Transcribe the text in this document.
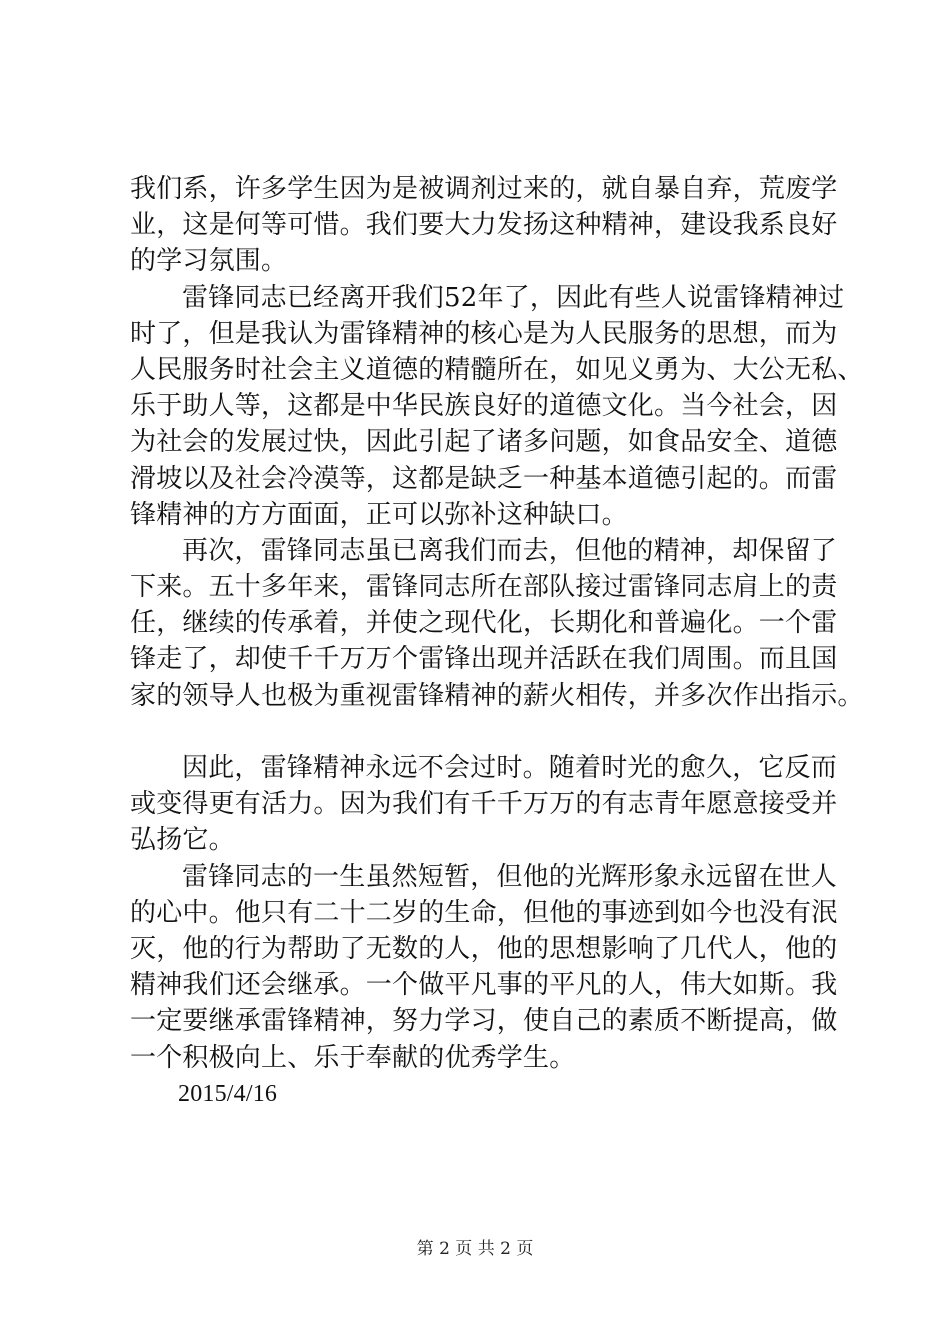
我们系，许多学生因为是被调剂过来的，就自暴自弃，荒废学
业，这是何等可惜。我们要大力发扬这种精神，建设我系良好
的学习氛围。
雷锋同志已经离开我们52年了，因此有些人说雷锋精神过
时了，但是我认为雷锋精神的核心是为人民服务的思想，而为
人民服务时社会主义道德的精髓所在，如见义勇为、大公无私、
乐于助人等，这都是中华民族良好的道德文化。当今社会，因
为社会的发展过快，因此引起了诸多问题，如食品安全、道德
滑坡以及社会冷漠等，这都是缺乏一种基本道德引起的。而雷
锋精神的方方面面，正可以弥补这种缺口。
再次，雷锋同志虽已离我们而去，但他的精神，却保留了
下来。五十多年来，雷锋同志所在部队接过雷锋同志肩上的责
任，继续的传承着，并使之现代化，长期化和普遍化。一个雷
锋走了，却使千千万万个雷锋出现并活跃在我们周围。而且国
家的领导人也极为重视雷锋精神的薪火相传，并多次作出指示。
因此，雷锋精神永远不会过时。随着时光的愈久，它反而
或变得更有活力。因为我们有千千万万的有志青年愿意接受并
弘扬它。
雷锋同志的一生虽然短暂，但他的光辉形象永远留在世人
的心中。他只有二十二岁的生命，但他的事迹到如今也没有泯
灭，他的行为帮助了无数的人，他的思想影响了几代人，他的
精神我们还会继承。一个做平凡事的平凡的人，伟大如斯。我
一定要继承雷锋精神，努力学习，使自己的素质不断提高，做
一个积极向上、乐于奉献的优秀学生。
2015/4/16
第 2 页 共 2 页
